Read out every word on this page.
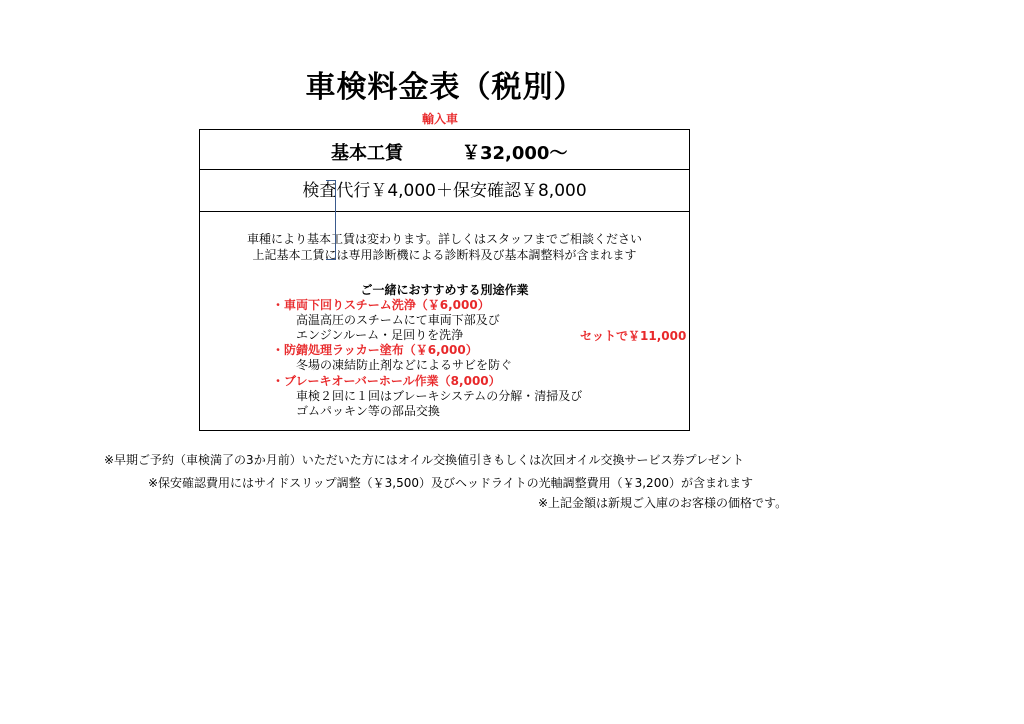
車検料金表（税別）
輸入車
基本工賃	￥32,000～
検査代行￥4,000＋保安確認￥8,000
車種により基本工賃は変わります。詳しくはスタッフまでご相談ください
上記基本工賃には専用診断機による診断料及び基本調整料が含まれます
ご一緒におすすめする別途作業
・車両下回りスチーム洗浄（￥6,000）
高温高圧のスチームにて車両下部及び
エンジンルーム・足回りを洗浄
・防錆処理ラッカー塗布（￥6,000）
冬場の凍結防止剤などによるサビを防ぐ
・ブレーキオーバーホール作業（8,000）
車検２回に１回はブレーキシステムの分解・清掃及び
ゴムパッキン等の部品交換
セットで￥11,000
※早期ご予約（車検満了の3か月前）いただいた方にはオイル交換値引きもしくは次回オイル交換サービス券プレゼント
※保安確認費用にはサイドスリップ調整（￥3,500）及びヘッドライトの光軸調整費用（￥3,200）が含まれます
※上記金額は新規ご入庫のお客様の価格です。
